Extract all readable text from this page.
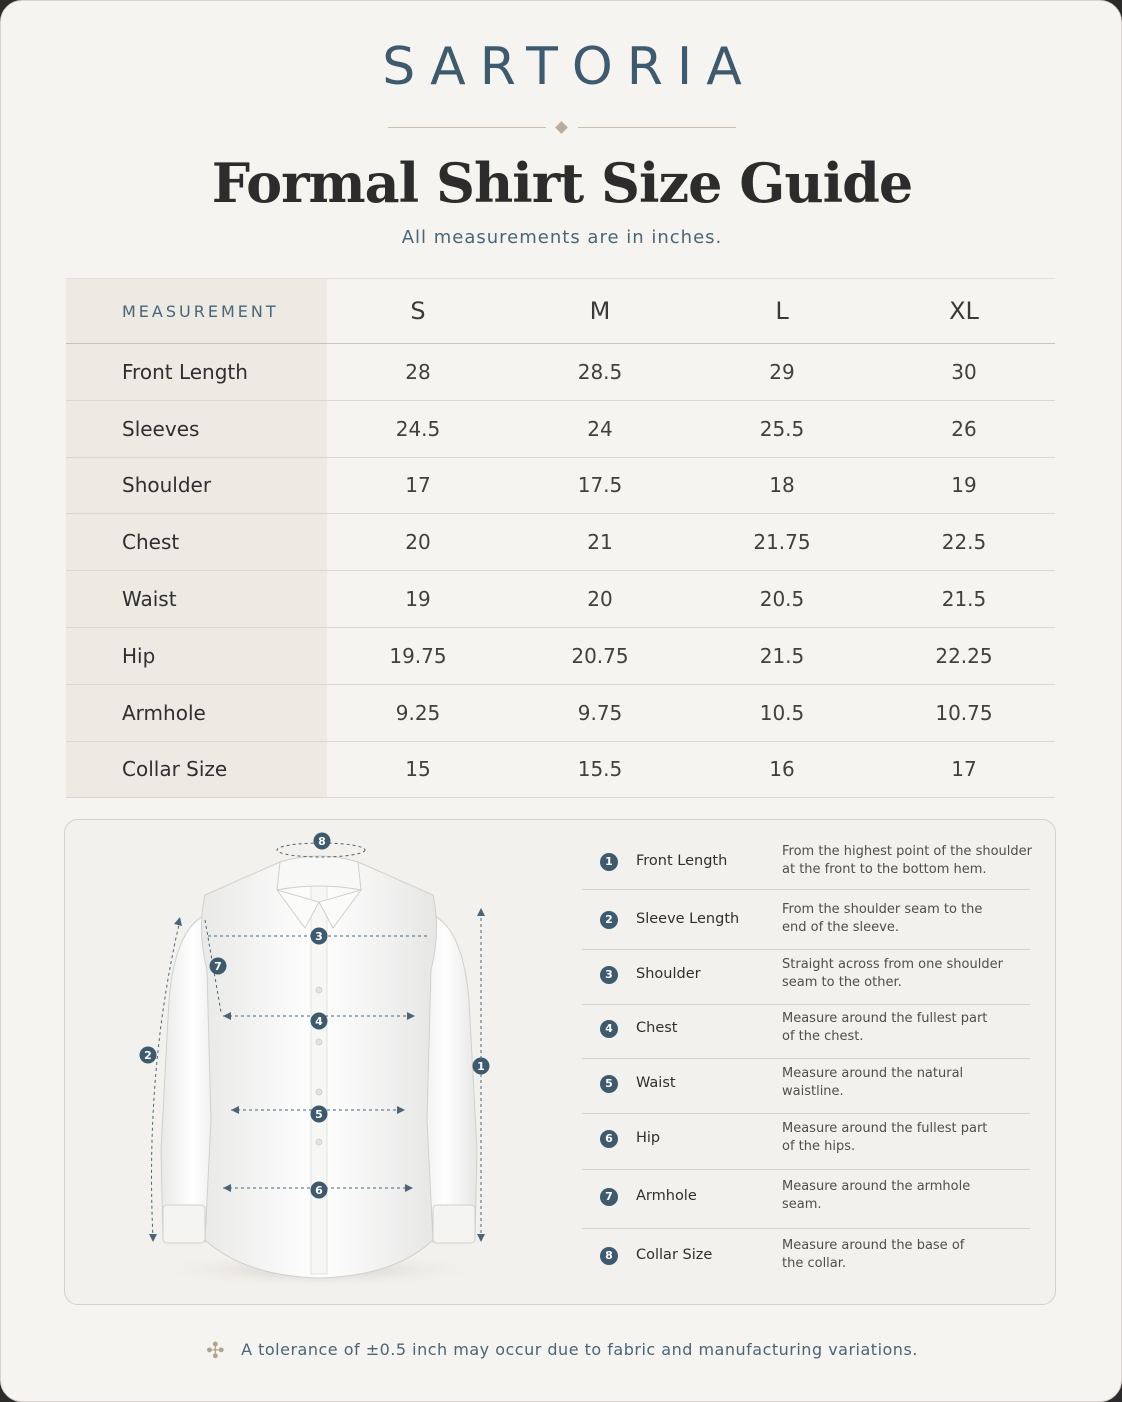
SARTORIA
Formal Shirt Size Guide
All measurements are in inches.
MEASUREMENT	S	M	L	XL
Front Length	28	28.5	29	30
Sleeves	24.5	24	25.5	26
Shoulder	17	17.5	18	19
Chest	20	21	21.75	22.5
Waist	19	20	20.5	21.5
Hip	19.75	20.75	21.5	22.25
Armhole	9.25	9.75	10.5	10.75
Collar Size	15	15.5	16	17
1
2
3
4
5
6
7
8
1	Front Length
From the highest point of the shoulder
at the front to the bottom hem.
2	Sleeve Length
From the shoulder seam to the
end of the sleeve.
3	Shoulder
Straight across from one shoulder
seam to the other.
4	Chest
Measure around the fullest part
of the chest.
5	Waist
Measure around the natural
waistline.
6	Hip
Measure around the fullest part
of the hips.
7	Armhole
Measure around the armhole
seam.
8	Collar Size
Measure around the base of
the collar.
✣ A tolerance of ±0.5 inch may occur due to fabric and manufacturing variations.
